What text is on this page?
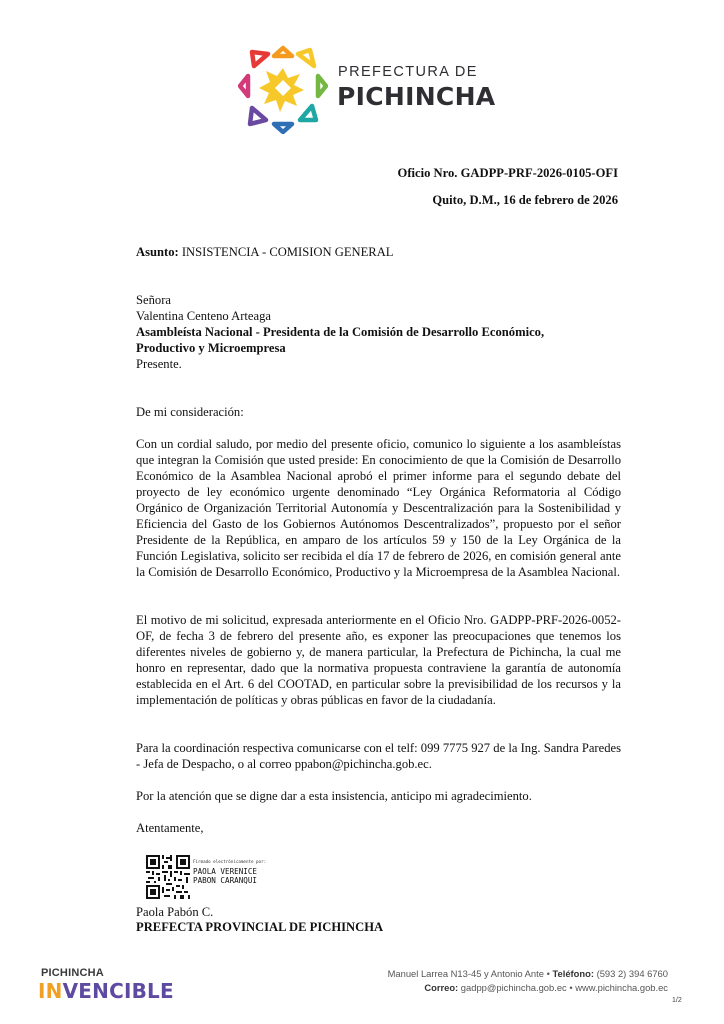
PREFECTURA DE
PICHINCHA
Oficio Nro. GADPP-PRF-2026-0105-OFI
Quito, D.M., 16 de febrero de 2026
Asunto: INSISTENCIA - COMISION GENERAL
Señora
Valentina Centeno Arteaga
Asambleísta Nacional - Presidenta de la Comisión de Desarrollo Económico,
Productivo y Microempresa
Presente.
De mi consideración:
Con un cordial saludo, por medio del presente oficio, comunico lo siguiente a los asambleístas que integran la Comisión que usted preside: En conocimiento de que la Comisión de Desarrollo Económico de la Asamblea Nacional aprobó el primer informe para el segundo debate del proyecto de ley económico urgente denominado “Ley Orgánica Reformatoria al Código Orgánico de Organización Territorial Autonomía y Descentralización para la Sostenibilidad y Eficiencia del Gasto de los Gobiernos Autónomos Descentralizados”, propuesto por el señor Presidente de la República, en amparo de los artículos 59 y 150 de la Ley Orgánica de la Función Legislativa, solicito ser recibida el día 17 de febrero de 2026, en comisión general ante la Comisión de Desarrollo Económico, Productivo y la Microempresa de la Asamblea Nacional.
El motivo de mi solicitud, expresada anteriormente en el Oficio Nro. GADPP-PRF-2026-0052-OF, de fecha 3 de febrero del presente año, es exponer las preocupaciones que tenemos los diferentes niveles de gobierno y, de manera particular, la Prefectura de Pichincha, la cual me honro en representar, dado que la normativa propuesta contraviene la garantía de autonomía establecida en el Art. 6 del COOTAD, en particular sobre la previsibilidad de los recursos y la implementación de políticas y obras públicas en favor de la ciudadanía.
Para la coordinación respectiva comunicarse con el telf: 099 7775 927 de la Ing. Sandra Paredes - Jefa de Despacho, o al correo ppabon@pichincha.gob.ec.
Por la atención que se digne dar a esta insistencia, anticipo mi agradecimiento.
Atentamente,
Firmado electrónicamente por:
PAOLA VERENICE
PABON CARANQUI
Paola Pabón C.
PREFECTA PROVINCIAL DE PICHINCHA
PICHINCHA
INVENCIBLE
Manuel Larrea N13-45 y Antonio Ante • Teléfono: (593 2) 394 6760
Correo: gadpp@pichincha.gob.ec • www.pichincha.gob.ec
1/2
